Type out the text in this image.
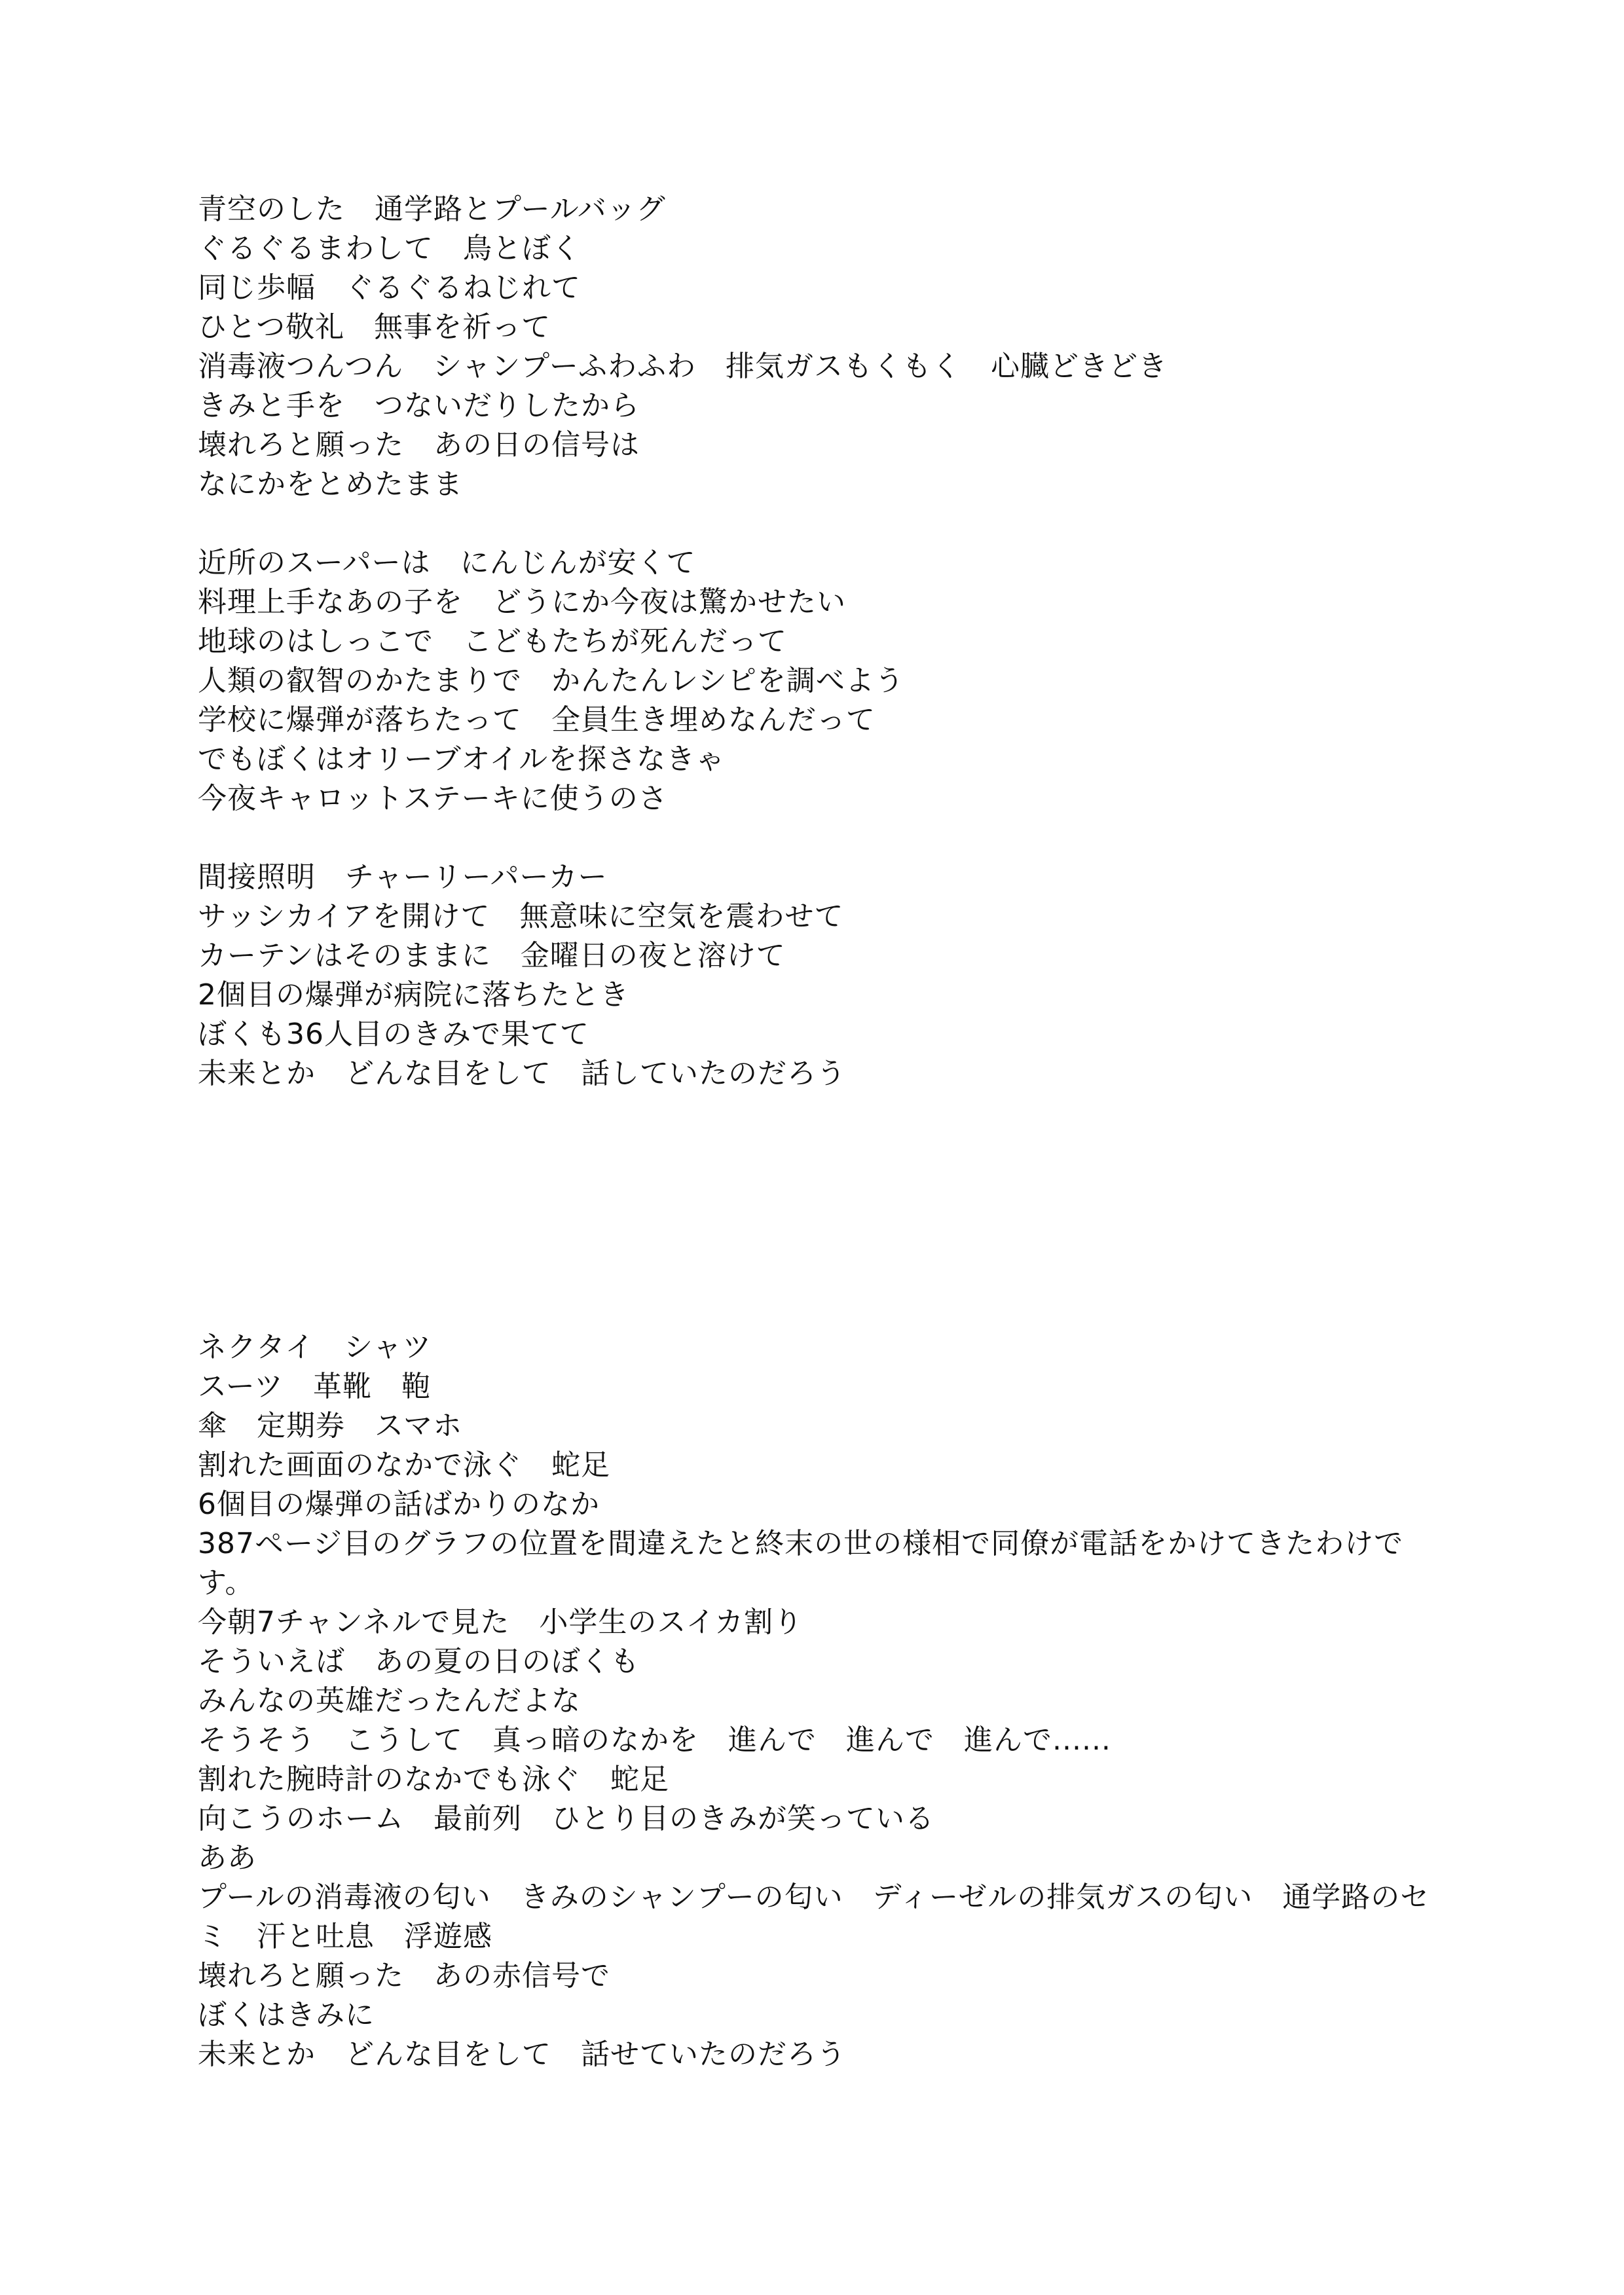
青空のした　通学路とプールバッグ
ぐるぐるまわして　鳥とぼく
同じ歩幅　ぐるぐるねじれて
ひとつ敬礼　無事を祈って
消毒液つんつん　シャンプーふわふわ　排気ガスもくもく　心臓どきどき
きみと手を　つないだりしたから
壊れろと願った　あの日の信号は
なにかをとめたまま
近所のスーパーは　にんじんが安くて
料理上手なあの子を　どうにか今夜は驚かせたい
地球のはしっこで　こどもたちが死んだって
人類の叡智のかたまりで　かんたんレシピを調べよう
学校に爆弾が落ちたって　全員生き埋めなんだって
でもぼくはオリーブオイルを探さなきゃ
今夜キャロットステーキに使うのさ
間接照明　チャーリーパーカー
サッシカイアを開けて　無意味に空気を震わせて
カーテンはそのままに　金曜日の夜と溶けて
2個目の爆弾が病院に落ちたとき
ぼくも36人目のきみで果てて
未来とか　どんな目をして　話していたのだろう
ネクタイ　シャツ
スーツ　革靴　鞄
傘　定期券　スマホ
割れた画面のなかで泳ぐ　蛇足
6個目の爆弾の話ばかりのなか
387ページ目のグラフの位置を間違えたと終末の世の様相で同僚が電話をかけてきたわけです。
今朝7チャンネルで見た　小学生のスイカ割り
そういえば　あの夏の日のぼくも
みんなの英雄だったんだよな
そうそう　こうして　真っ暗のなかを　進んで　進んで　進んで......
割れた腕時計のなかでも泳ぐ　蛇足
向こうのホーム　最前列　ひとり目のきみが笑っている
ああ
プールの消毒液の匂い　きみのシャンプーの匂い　ディーゼルの排気ガスの匂い　通学路のセミ　汗と吐息　浮遊感
壊れろと願った　あの赤信号で
ぼくはきみに
未来とか　どんな目をして　話せていたのだろう
